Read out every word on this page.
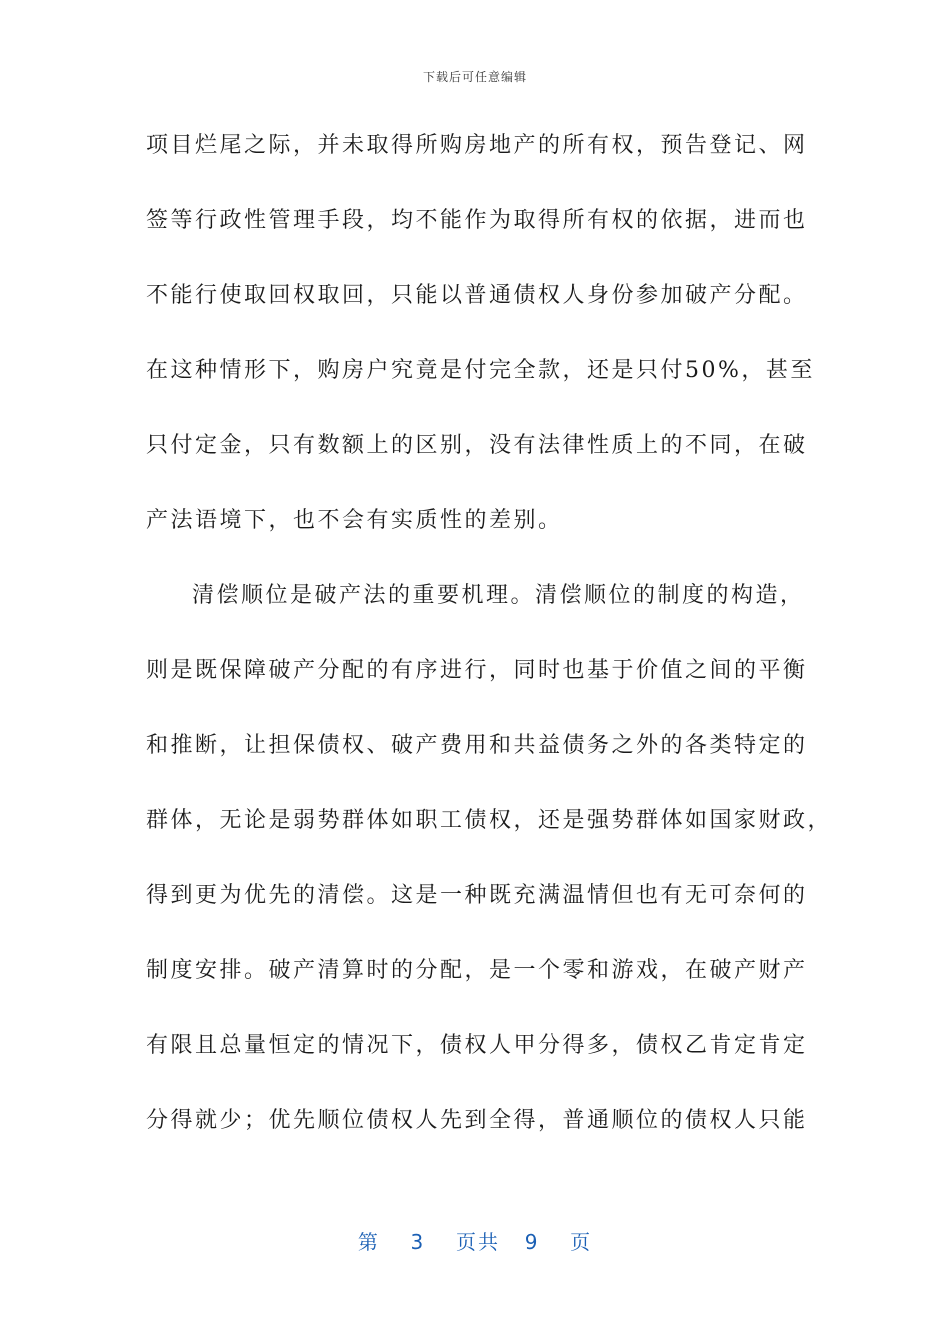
下载后可任意编辑
项目烂尾之际，并未取得所购房地产的所有权，预告登记、网
签等行政性管理手段，均不能作为取得所有权的依据，进而也
不能行使取回权取回，只能以普通债权人身份参加破产分配。
在这种情形下，购房户究竟是付完全款，还是只付50%，甚至
只付定金，只有数额上的区别，没有法律性质上的不同，在破
产法语境下，也不会有实质性的差别。
清偿顺位是破产法的重要机理。清偿顺位的制度的构造，
则是既保障破产分配的有序进行，同时也基于价值之间的平衡
和推断，让担保债权、破产费用和共益债务之外的各类特定的
群体，无论是弱势群体如职工债权，还是强势群体如国家财政，
得到更为优先的清偿。这是一种既充满温情但也有无可奈何的
制度安排。破产清算时的分配，是一个零和游戏，在破产财产
有限且总量恒定的情况下，债权人甲分得多，债权乙肯定肯定
分得就少；优先顺位债权人先到全得，普通顺位的债权人只能
第 3 页共 9 页
